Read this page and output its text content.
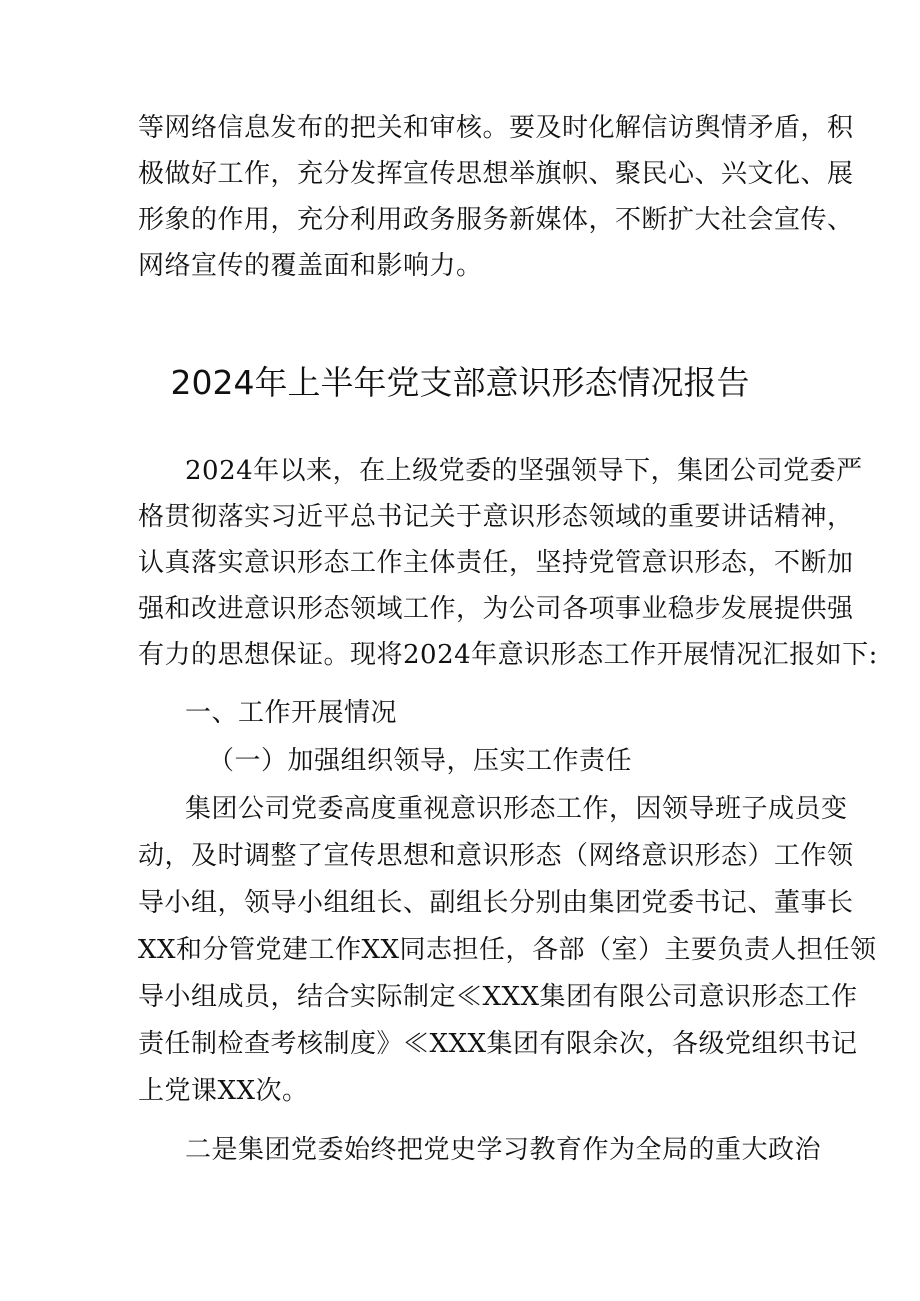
等网络信息发布的把关和审核。要及时化解信访舆情矛盾，积
极做好工作，充分发挥宣传思想举旗帜、聚民心、兴文化、展
形象的作用，充分利用政务服务新媒体，不断扩大社会宣传、
网络宣传的覆盖面和影响力。
2024年上半年党支部意识形态情况报告
2024年以来，在上级党委的坚强领导下，集团公司党委严
格贯彻落实习近平总书记关于意识形态领域的重要讲话精神，
认真落实意识形态工作主体责任，坚持党管意识形态，不断加
强和改进意识形态领域工作，为公司各项事业稳步发展提供强
有力的思想保证。现将2024年意识形态工作开展情况汇报如下:
一、工作开展情况
（一）加强组织领导，压实工作责任
集团公司党委高度重视意识形态工作，因领导班子成员变
动，及时调整了宣传思想和意识形态（网络意识形态）工作领
导小组，领导小组组长、副组长分别由集团党委书记、董事长
XX和分管党建工作XX同志担任，各部（室）主要负责人担任领
导小组成员，结合实际制定≪XXX集团有限公司意识形态工作
责任制检查考核制度》≪XXX集团有限余次，各级党组织书记
上党课XX次。
二是集团党委始终把党史学习教育作为全局的重大政治
